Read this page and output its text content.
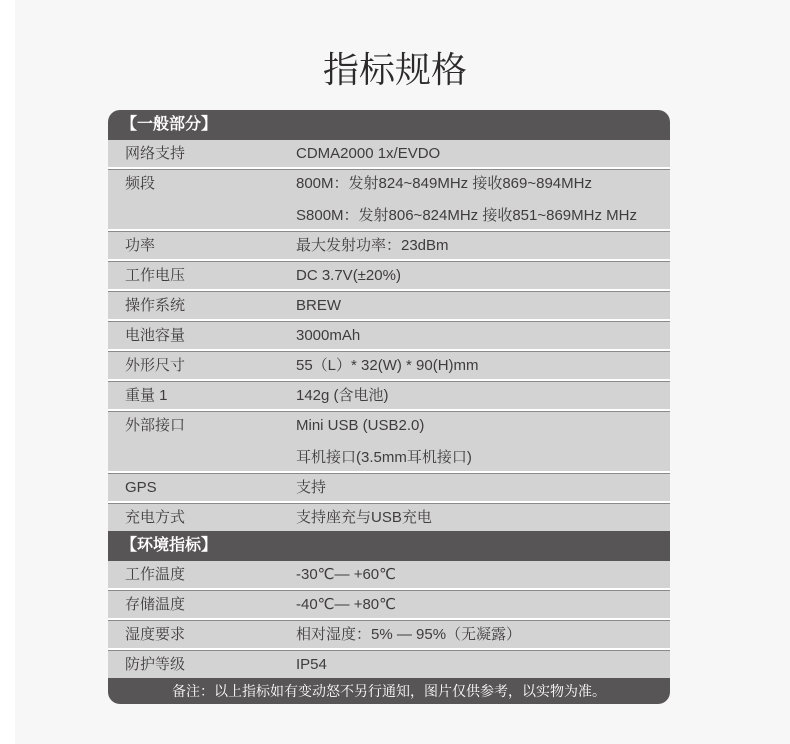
指标规格
【一般部分】
网络支持	CDMA2000 1x/EVDO
频段	800M：发射824~849MHz 接收869~894MHz
S800M：发射806~824MHz 接收851~869MHz MHz
功率	最大发射功率：23dBm
工作电压	DC 3.7V(±20%)
操作系统	BREW
电池容量	3000mAh
外形尺寸	55（L）* 32(W) * 90(H)mm
重量 1	142g (含电池)
外部接口	Mini USB (USB2.0)
耳机接口(3.5mm耳机接口)
GPS	支持
充电方式	支持座充与USB充电
【环境指标】
工作温度	-30℃— +60℃
存储温度	-40℃— +80℃
湿度要求	相对湿度：5% — 95%（无凝露）
防护等级	IP54
备注：以上指标如有变动怒不另行通知，图片仅供参考，以实物为准。
